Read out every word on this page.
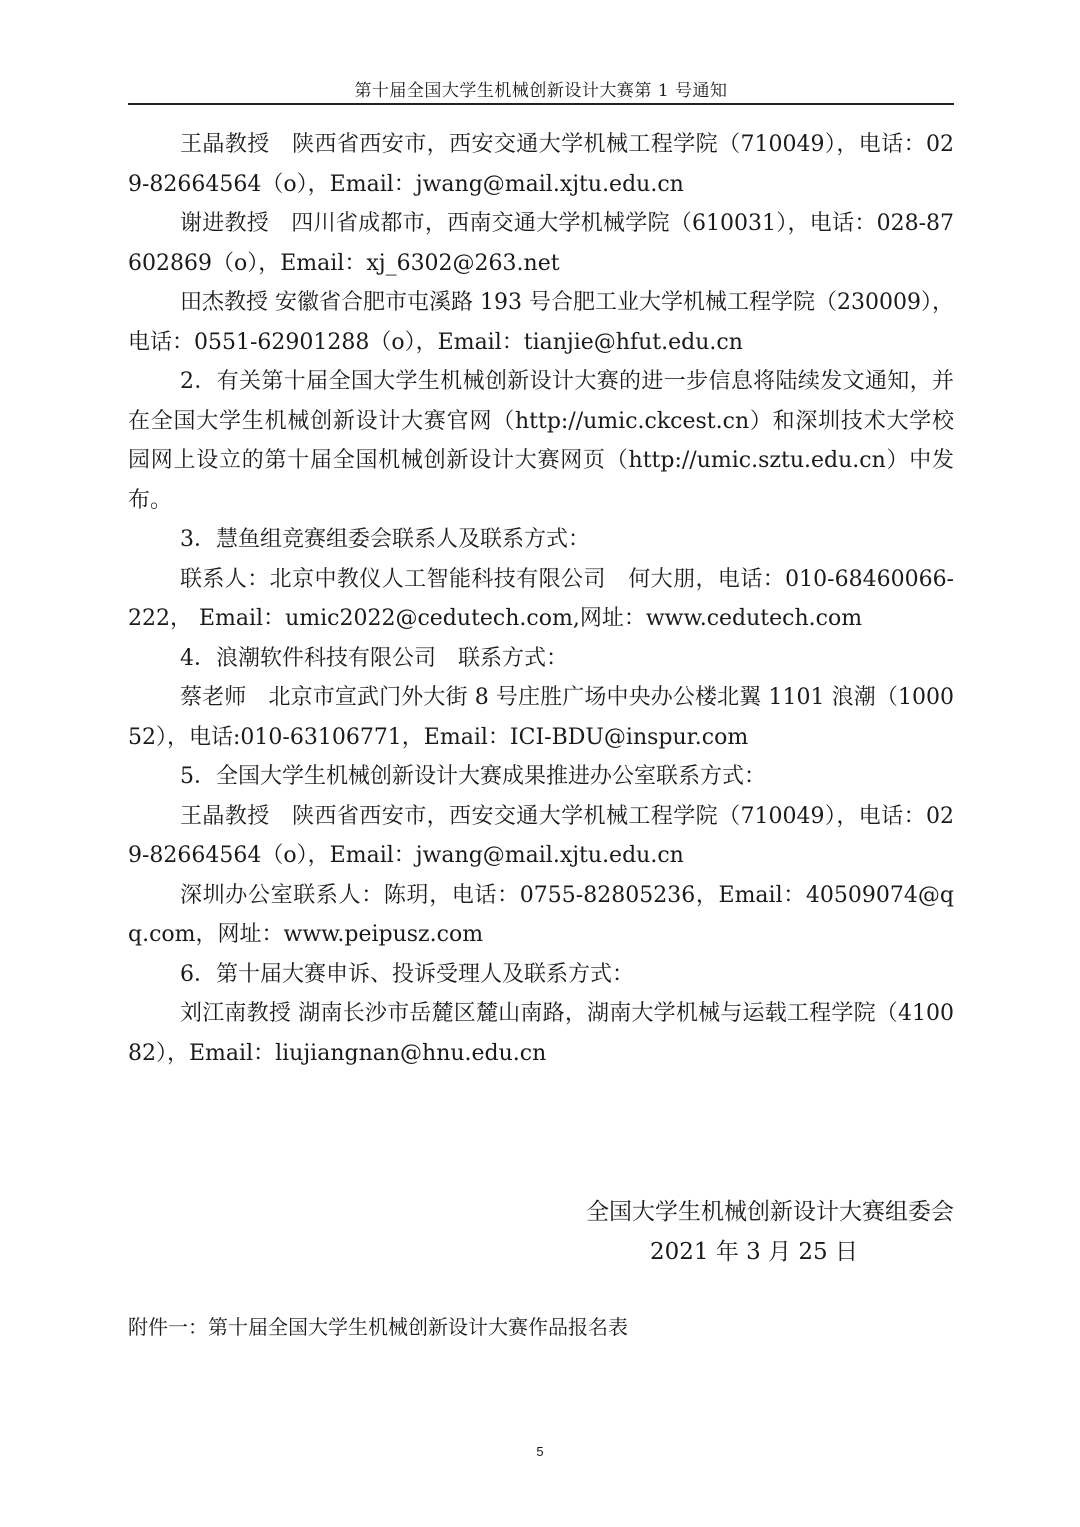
第十届全国大学生机械创新设计大赛第 1 号通知

王晶教授　陕西省西安市，西安交通大学机械工程学院（710049），电话：029-82664564（o），Email：jwang@mail.xjtu.edu.cn

谢进教授　四川省成都市，西南交通大学机械学院（610031），电话：028-87602869（o），Email：xj_6302@263.net

田杰教授 安徽省合肥市屯溪路 193 号合肥工业大学机械工程学院（230009），电话：0551-62901288（o），Email：tianjie@hfut.edu.cn

2．有关第十届全国大学生机械创新设计大赛的进一步信息将陆续发文通知，并在全国大学生机械创新设计大赛官网（http://umic.ckcest.cn）和深圳技术大学校园网上设立的第十届全国机械创新设计大赛网页（http://umic.sztu.edu.cn）中发布。

3．慧鱼组竞赛组委会联系人及联系方式：

联系人：北京中教仪人工智能科技有限公司　何大朋，电话：010-68460066-222， Email：umic2022@cedutech.com,网址：www.cedutech.com

4．浪潮软件科技有限公司　联系方式：

蔡老师　北京市宣武门外大街 8 号庄胜广场中央办公楼北翼 1101 浪潮（100052），电话:010-63106771，Email：ICI-BDU@inspur.com

5．全国大学生机械创新设计大赛成果推进办公室联系方式：

王晶教授　陕西省西安市，西安交通大学机械工程学院（710049），电话：029-82664564（o），Email：jwang@mail.xjtu.edu.cn

深圳办公室联系人：陈玥，电话：0755-82805236，Email：40509074@qq.com，网址：www.peipusz.com

6．第十届大赛申诉、投诉受理人及联系方式：

刘江南教授 湖南长沙市岳麓区麓山南路，湖南大学机械与运载工程学院（410082），Email：liujiangnan@hnu.edu.cn

全国大学生机械创新设计大赛组委会
2021 年 3 月 25 日
附件一：第十届全国大学生机械创新设计大赛作品报名表
5
